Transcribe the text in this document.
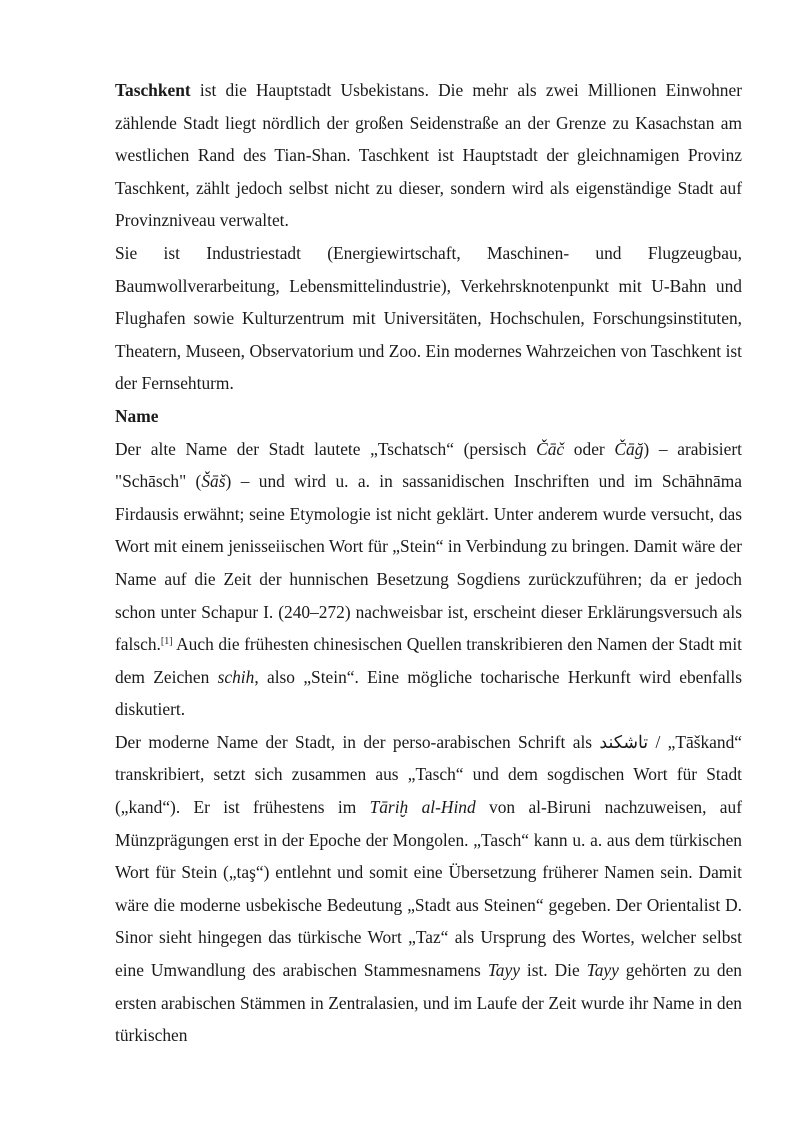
Taschkent ist die Hauptstadt Usbekistans. Die mehr als zwei Millionen Einwohner zählende Stadt liegt nördlich der großen Seidenstraße an der Grenze zu Kasachstan am westlichen Rand des Tian-Shan. Taschkent ist Hauptstadt der gleichnamigen Provinz Taschkent, zählt jedoch selbst nicht zu dieser, sondern wird als eigenständige Stadt auf Provinzniveau verwaltet.

Sie ist Industriestadt (Energiewirtschaft, Maschinen- und Flugzeugbau, Baumwollverarbeitung, Lebensmittelindustrie), Verkehrsknotenpunkt mit U-Bahn und Flughafen sowie Kulturzentrum mit Universitäten, Hochschulen, Forschungsinstituten, Theatern, Museen, Observatorium und Zoo. Ein modernes Wahrzeichen von Taschkent ist der Fernsehturm.

Name

Der alte Name der Stadt lautete „Tschatsch“ (persisch Čāč oder Čāğ) – arabisiert "Schāsch" (Šāš) – und wird u. a. in sassanidischen Inschriften und im Schāhnāma Firdausis erwähnt; seine Etymologie ist nicht geklärt. Unter anderem wurde versucht, das Wort mit einem jenisseiischen Wort für „Stein“ in Verbindung zu bringen. Damit wäre der Name auf die Zeit der hunnischen Besetzung Sogdiens zurückzuführen; da er jedoch schon unter Schapur I. (240–272) nachweisbar ist, erscheint dieser Erklärungsversuch als falsch.[1] Auch die frühesten chinesischen Quellen transkribieren den Namen der Stadt mit dem Zeichen schih, also „Stein“. Eine mögliche tocharische Herkunft wird ebenfalls diskutiert.

Der moderne Name der Stadt, in der perso-arabischen Schrift als تاشکند / „Tāškand“ transkribiert, setzt sich zusammen aus „Tasch“ und dem sogdischen Wort für Stadt („kand“). Er ist frühestens im Tāriḫ al-Hind von al-Biruni nachzuweisen, auf Münzprägungen erst in der Epoche der Mongolen. „Tasch“ kann u. a. aus dem türkischen Wort für Stein („taş“) entlehnt und somit eine Übersetzung früherer Namen sein. Damit wäre die moderne usbekische Bedeutung „Stadt aus Steinen“ gegeben. Der Orientalist D. Sinor sieht hingegen das türkische Wort „Taz“ als Ursprung des Wortes, welcher selbst eine Umwandlung des arabischen Stammesnamens Tayy ist. Die Tayy gehörten zu den ersten arabischen Stämmen in Zentralasien, und im Laufe der Zeit wurde ihr Name in den türkischen
